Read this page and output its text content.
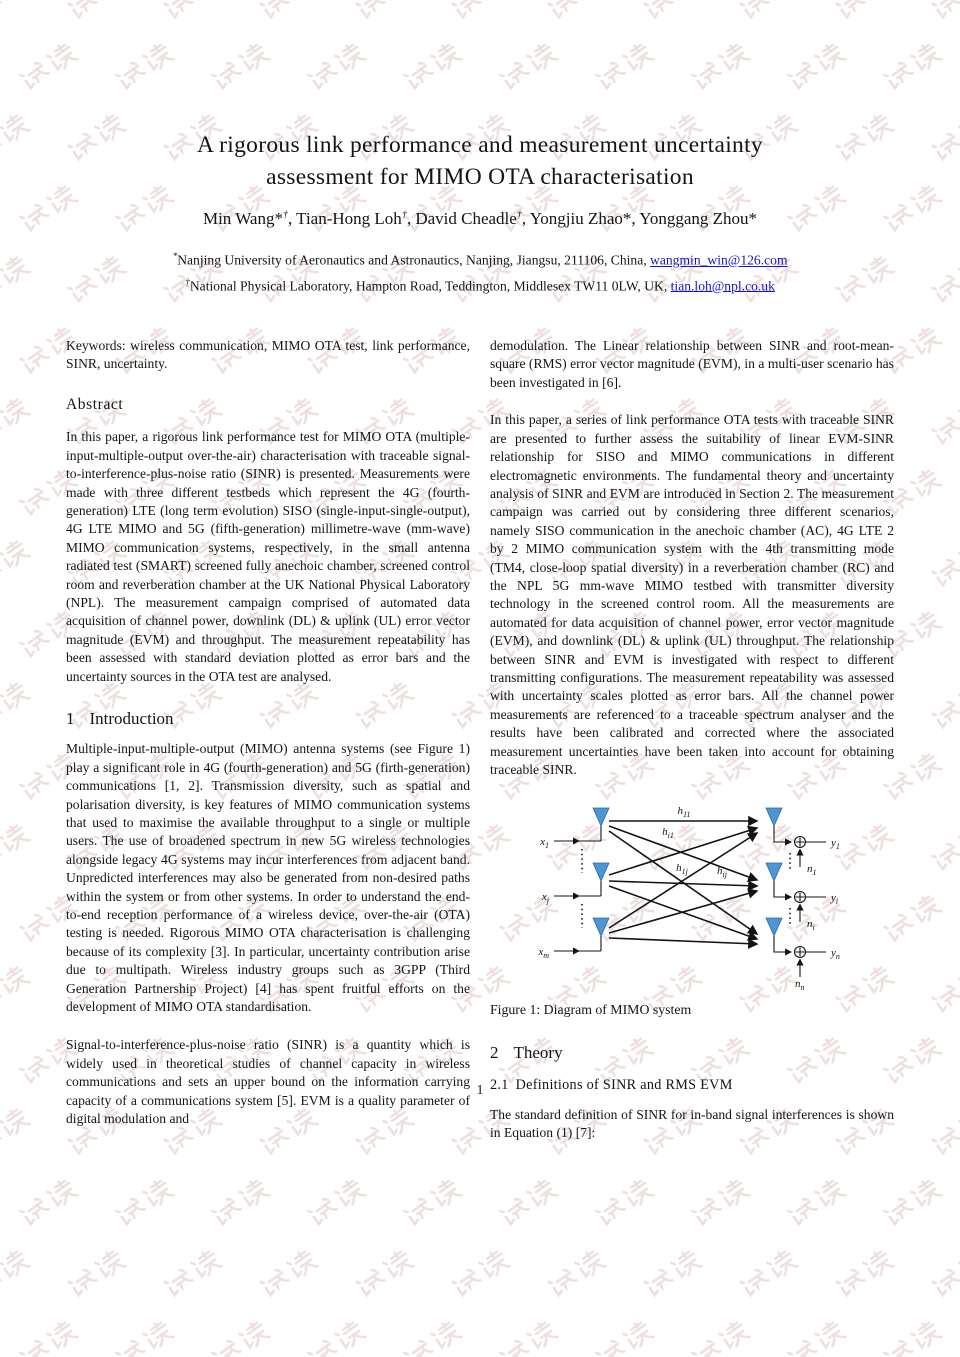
A rigorous link performance and measurement uncertainty
assessment for MIMO OTA characterisation
Min Wang*†, Tian-Hong Loh†, David Cheadle†, Yongjiu Zhao*, Yonggang Zhou*
*Nanjing University of Aeronautics and Astronautics, Nanjing, Jiangsu, 211106, China, wangmin_win@126.com
†National Physical Laboratory, Hampton Road, Teddington, Middlesex TW11 0LW, UK, tian.loh@npl.co.uk

Keywords: wireless communication, MIMO OTA test, link performance, SINR, uncertainty.

Abstract

In this paper, a rigorous link performance test for MIMO OTA (multiple-input-multiple-output over-the-air) characterisation with traceable signal-to-interference-plus-noise ratio (SINR) is presented. Measurements were made with three different testbeds which represent the 4G (fourth-generation) LTE (long term evolution) SISO (single-input-single-output), 4G LTE MIMO and 5G (fifth-generation) millimetre-wave (mm-wave) MIMO communication systems, respectively, in the small antenna radiated test (SMART) screened fully anechoic chamber, screened control room and reverberation chamber at the UK National Physical Laboratory (NPL). The measurement campaign comprised of automated data acquisition of channel power, downlink (DL) & uplink (UL) error vector magnitude (EVM) and throughput. The measurement repeatability has been assessed with standard deviation plotted as error bars and the uncertainty sources in the OTA test are analysed.

1 Introduction

Multiple-input-multiple-output (MIMO) antenna systems (see Figure 1) play a significant role in 4G (fourth-generation) and 5G (firth-generation) communications [1, 2]. Transmission diversity, such as spatial and polarisation diversity, is key features of MIMO communication systems that used to maximise the available throughput to a single or multiple users. The use of broadened spectrum in new 5G wireless technologies alongside legacy 4G systems may incur interferences from adjacent band. Unpredicted interferences may also be generated from non-desired paths within the system or from other systems. In order to understand the end-to-end reception performance of a wireless device, over-the-air (OTA) testing is needed. Rigorous MIMO OTA characterisation is challenging because of its complexity [3]. In particular, uncertainty contribution arise due to multipath. Wireless industry groups such as 3GPP (Third Generation Partnership Project) [4] has spent fruitful efforts on the development of MIMO OTA standardisation.

Signal-to-interference-plus-noise ratio (SINR) is a quantity which is widely used in theoretical studies of channel capacity in wireless communications and sets an upper bound on the information carrying capacity of a communications system [5]. EVM is a quality parameter of digital modulation and

demodulation. The Linear relationship between SINR and root-mean-square (RMS) error vector magnitude (EVM), in a multi-user scenario has been investigated in [6].

In this paper, a series of link performance OTA tests with traceable SINR are presented to further assess the suitability of linear EVM-SINR relationship for SISO and MIMO communications in different electromagnetic environments. The fundamental theory and uncertainty analysis of SINR and EVM are introduced in Section 2. The measurement campaign was carried out by considering three different scenarios, namely SISO communication in the anechoic chamber (AC), 4G LTE 2 by 2 MIMO communication system with the 4th transmitting mode (TM4, close-loop spatial diversity) in a reverberation chamber (RC) and the NPL 5G mm-wave MIMO testbed with transmitter diversity technology in the screened control room. All the measurements are automated for data acquisition of channel power, error vector magnitude (EVM), and downlink (DL) & uplink (UL) throughput. The relationship between SINR and EVM is investigated with respect to different transmitting configurations. The measurement repeatability was assessed with uncertainty scales plotted as error bars. All the channel power measurements are referenced to a traceable spectrum analyser and the results have been calibrated and corrected where the associated measurement uncertainties have been taken into account for obtaining traceable SINR.

$x_1$
$x_j$
$x_m$
$y_1$
$y_i$
$y_n$
$n_1$
$n_i$
$n_n$
$h_{11}$
$h_{i1}$
$h_{1j}$	$h_{ij}$
Figure 1: Diagram of MIMO system
2 Theory
2.1 Definitions of SINR and RMS EVM

The standard definition of SINR for in-band signal interferences is shown in Equation (1) [7]:

1
